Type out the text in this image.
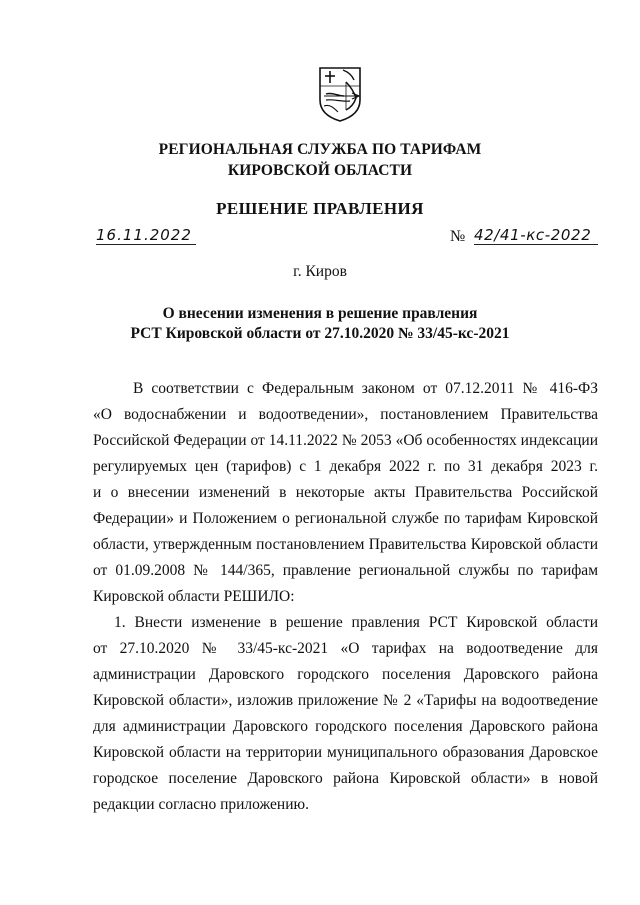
РЕГИОНАЛЬНАЯ СЛУЖБА ПО ТАРИФАМ
КИРОВСКОЙ ОБЛАСТИ
РЕШЕНИЕ ПРАВЛЕНИЯ
16.11.2022	№ 42/41-кс-2022
г. Киров
О внесении изменения в решение правления
РСТ Кировской области от 27.10.2020 № 33/45-кс-2021
В соответствии с Федеральным законом от 07.12.2011 № 416-ФЗ
«О водоснабжении и водоотведении», постановлением Правительства
Российской Федерации от 14.11.2022 № 2053 «Об особенностях индексации
регулируемых цен (тарифов) с 1 декабря 2022 г. по 31 декабря 2023 г.
и о внесении изменений в некоторые акты Правительства Российской
Федерации» и Положением о региональной службе по тарифам Кировской
области, утвержденным постановлением Правительства Кировской области
от 01.09.2008 № 144/365, правление региональной службы по тарифам
Кировской области РЕШИЛО:
1. Внести изменение в решение правления РСТ Кировской области
от 27.10.2020 № 33/45-кс-2021 «О тарифах на водоотведение для
администрации Даровского городского поселения Даровского района
Кировской области», изложив приложение № 2 «Тарифы на водоотведение
для администрации Даровского городского поселения Даровского района
Кировской области на территории муниципального образования Даровское
городское поселение Даровского района Кировской области» в новой
редакции согласно приложению.
